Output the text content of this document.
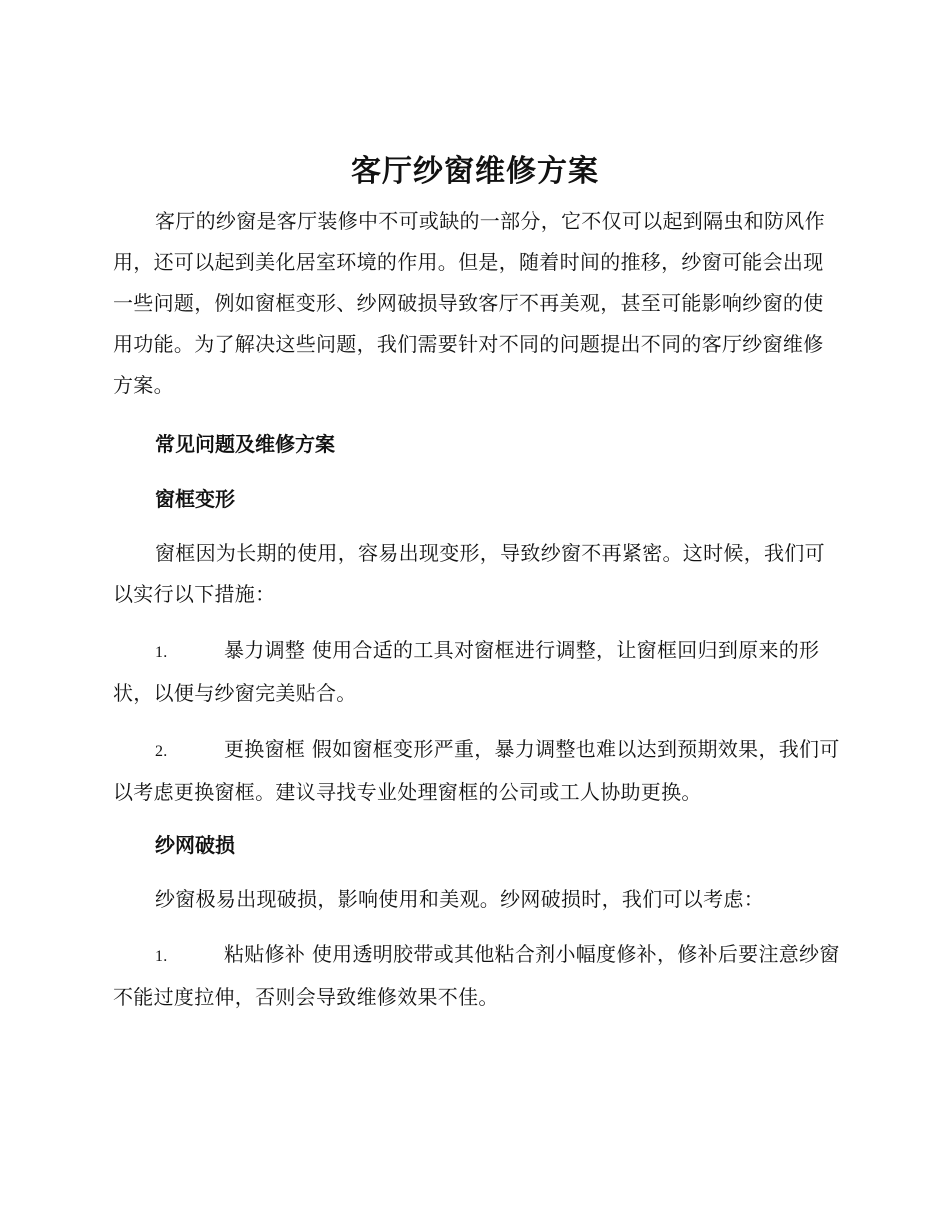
客厅纱窗维修方案

客厅的纱窗是客厅装修中不可或缺的一部分，它不仅可以起到隔虫和防风作用，还可以起到美化居室环境的作用。但是，随着时间的推移，纱窗可能会出现一些问题，例如窗框变形、纱网破损导致客厅不再美观，甚至可能影响纱窗的使用功能。为了解决这些问题，我们需要针对不同的问题提出不同的客厅纱窗维修方案。

常见问题及维修方案
窗框变形

窗框因为长期的使用，容易出现变形，导致纱窗不再紧密。这时候，我们可以实行以下措施：

1.	暴力调整 使用合适的工具对窗框进行调整，让窗框回归到原来的形状，以便与纱窗完美贴合。

2.	更换窗框 假如窗框变形严重，暴力调整也难以达到预期效果，我们可以考虑更换窗框。建议寻找专业处理窗框的公司或工人协助更换。

纱网破损

纱窗极易出现破损，影响使用和美观。纱网破损时，我们可以考虑：

1.	粘贴修补 使用透明胶带或其他粘合剂小幅度修补，修补后要注意纱窗不能过度拉伸，否则会导致维修效果不佳。
